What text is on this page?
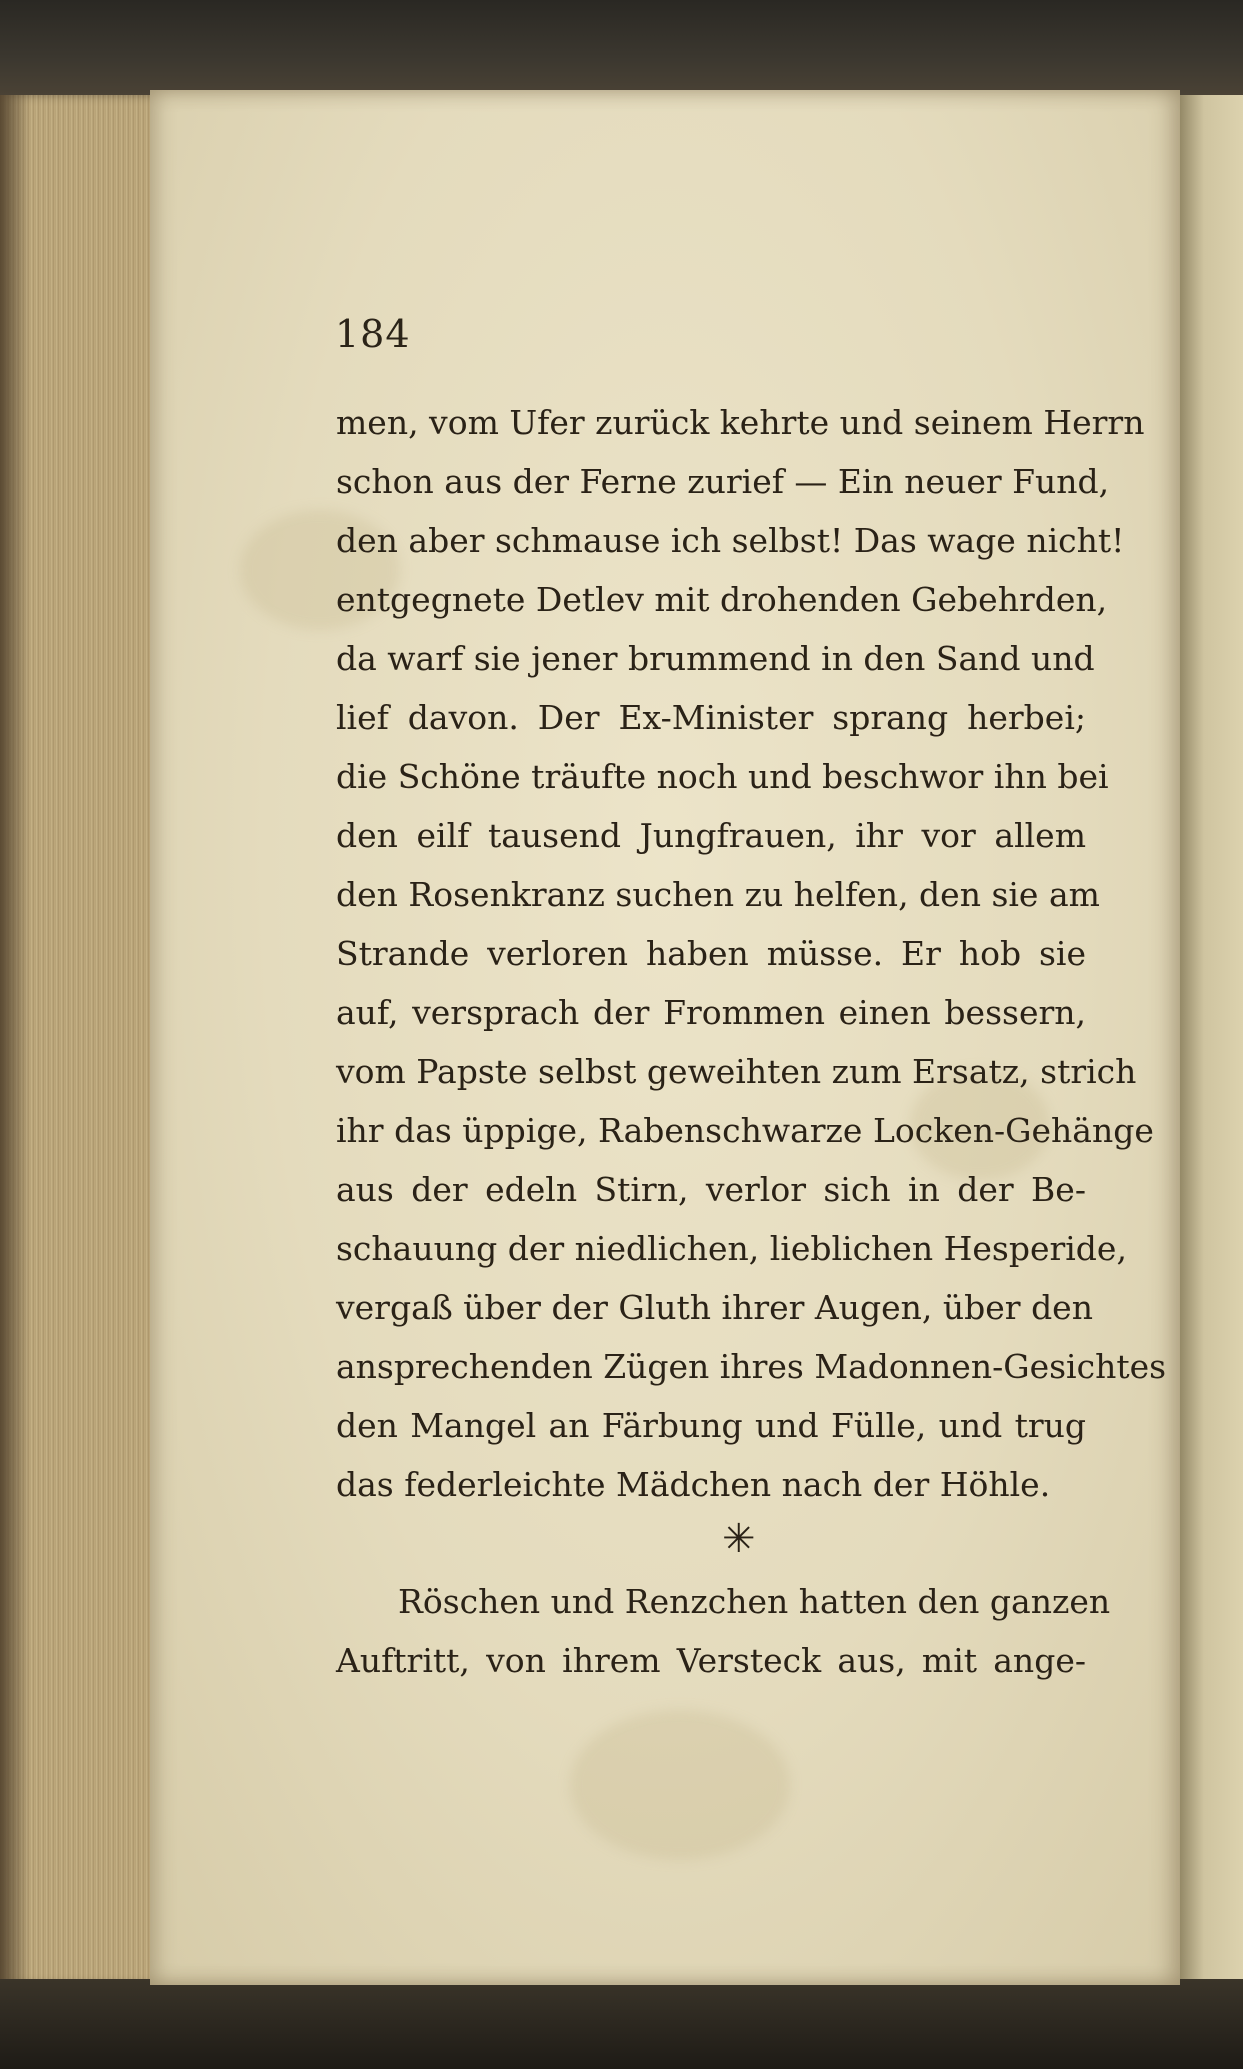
184
men, vom Ufer zurück kehrte und seinem Herrn
schon aus der Ferne zurief — Ein neuer Fund,
den aber schmause ich selbst! Das wage nicht!
entgegnete Detlev mit drohenden Gebehrden,
da warf sie jener brummend in den Sand und
lief davon. Der Ex-Minister sprang herbei;
die Schöne träufte noch und beschwor ihn bei
den eilf tausend Jungfrauen, ihr vor allem
den Rosenkranz suchen zu helfen, den sie am
Strande verloren haben müsse. Er hob sie
auf, versprach der Frommen einen bessern,
vom Papste selbst geweihten zum Ersatz, strich
ihr das üppige, Rabenschwarze Locken-Gehänge
aus der edeln Stirn, verlor sich in der Be-
schauung der niedlichen, lieblichen Hesperide,
vergaß über der Gluth ihrer Augen, über den
ansprechenden Zügen ihres Madonnen-Gesichtes
den Mangel an Färbung und Fülle, und trug
das federleichte Mädchen nach der Höhle.
✳
Röschen und Renzchen hatten den ganzen
Auftritt, von ihrem Versteck aus, mit ange-
